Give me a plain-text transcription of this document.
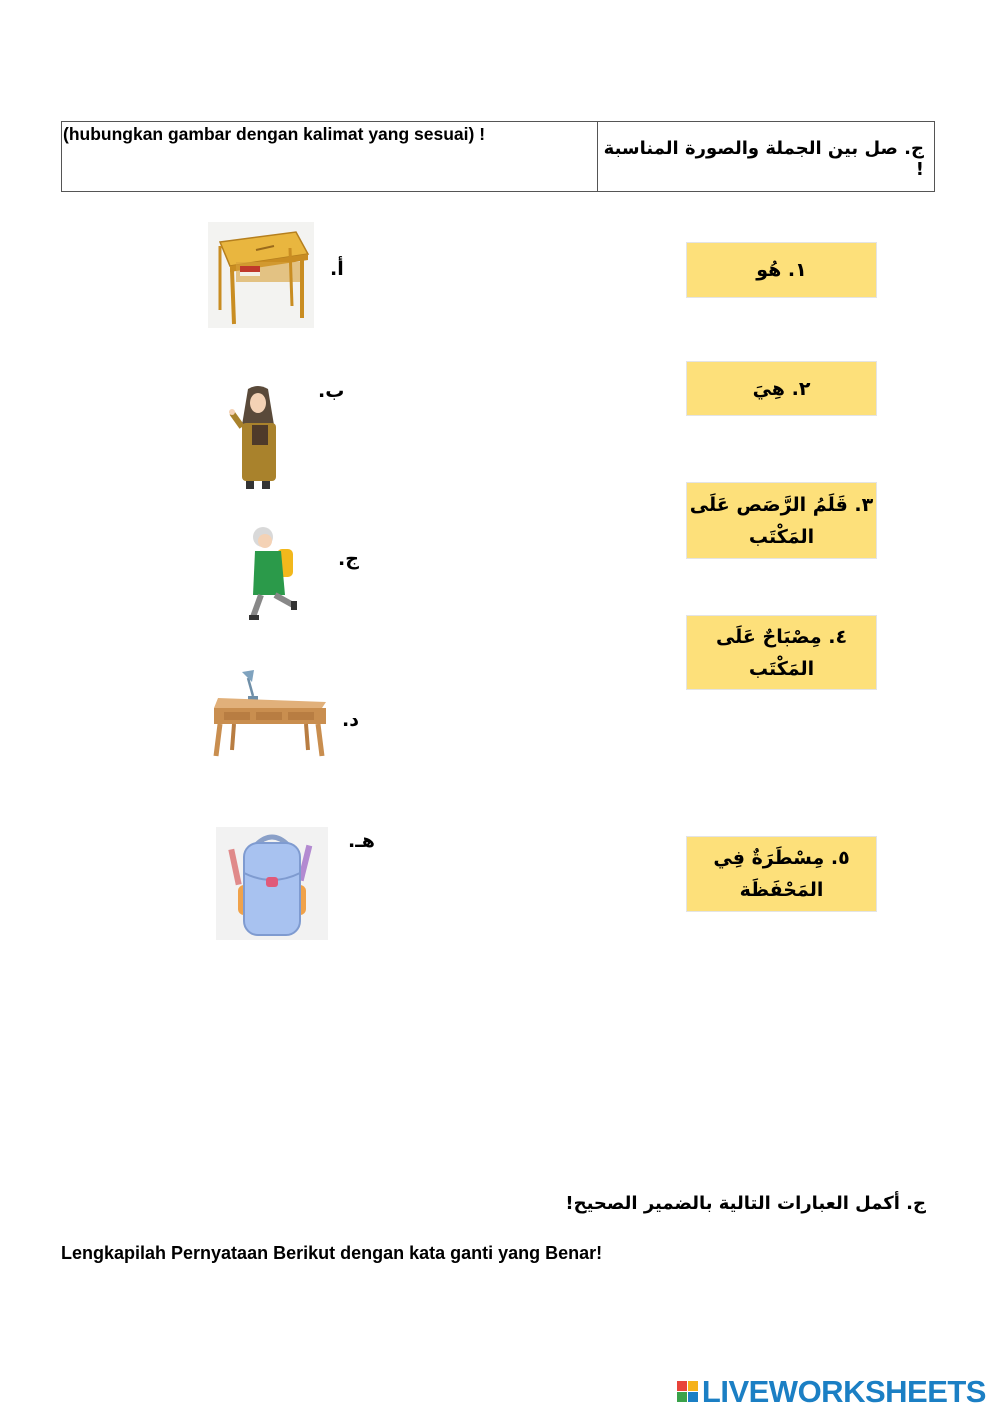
(hubungkan gambar dengan kalimat yang sesuai) !
ج. صل بين الجملة والصورة المناسبة !
١. هُو
٢. هِيَ
٣. قَلَمُ الرَّصَص عَلَى
المَكْتَب
٤. مِصْبَاحٌ عَلَى
المَكْتَب
٥. مِسْطَرَةٌ فِي
المَحْفَظَة
أ.
ب.
ج.
د.
هـ.
ج. أكمل العبارات التالية بالضمير الصحيح!
Lengkapilah Pernyataan Berikut dengan kata ganti yang Benar!
LIVEWORKSHEETS
